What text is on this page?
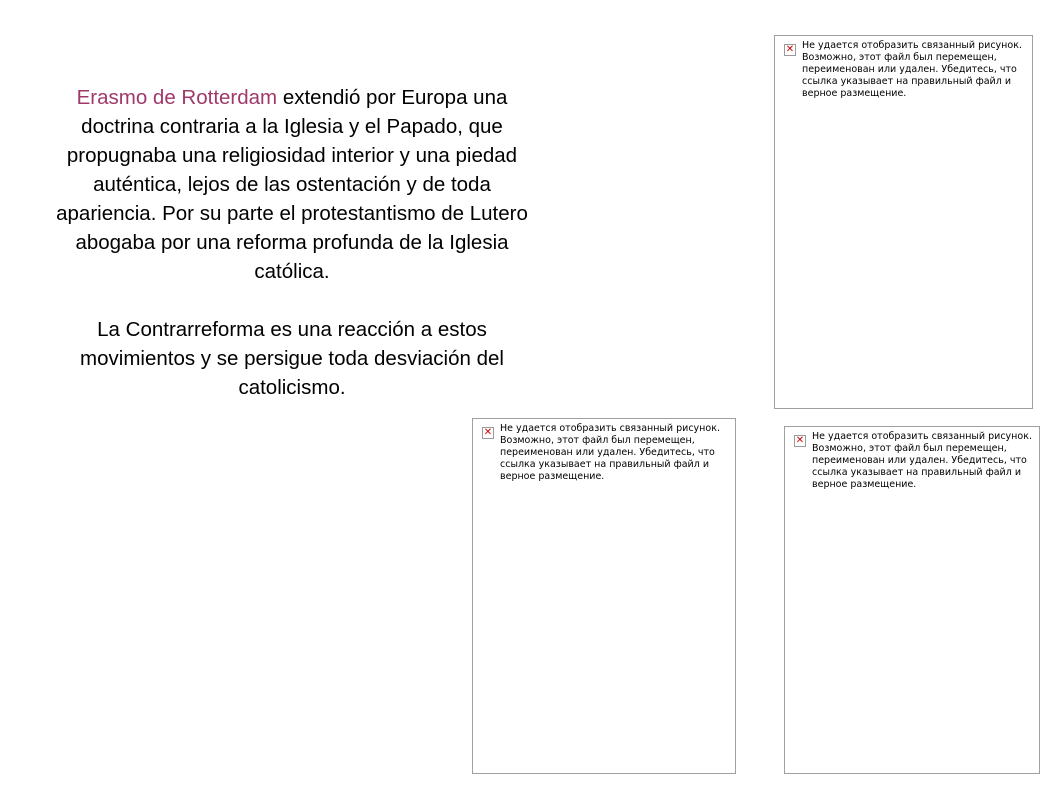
Erasmo de Rotterdam extendió por Europa una doctrina contraria a la Iglesia y el Papado, que propugnaba una religiosidad interior y una piedad auténtica, lejos de las ostentación y de toda apariencia. Por su parte el protestantismo de Lutero abogaba por una reforma profunda de la Iglesia católica.

La Contrarreforma es una reacción a estos movimientos y se persigue toda desviación del catolicismo.

✕ Не удается отобразить связанный рисунок. Возможно, этот файл был перемещен, переименован или удален. Убедитесь, что ссылка указывает на правильный файл и верное размещение.
✕ Не удается отобразить связанный рисунок. Возможно, этот файл был перемещен, переименован или удален. Убедитесь, что ссылка указывает на правильный файл и верное размещение.
✕ Не удается отобразить связанный рисунок. Возможно, этот файл был перемещен, переименован или удален. Убедитесь, что ссылка указывает на правильный файл и верное размещение.
